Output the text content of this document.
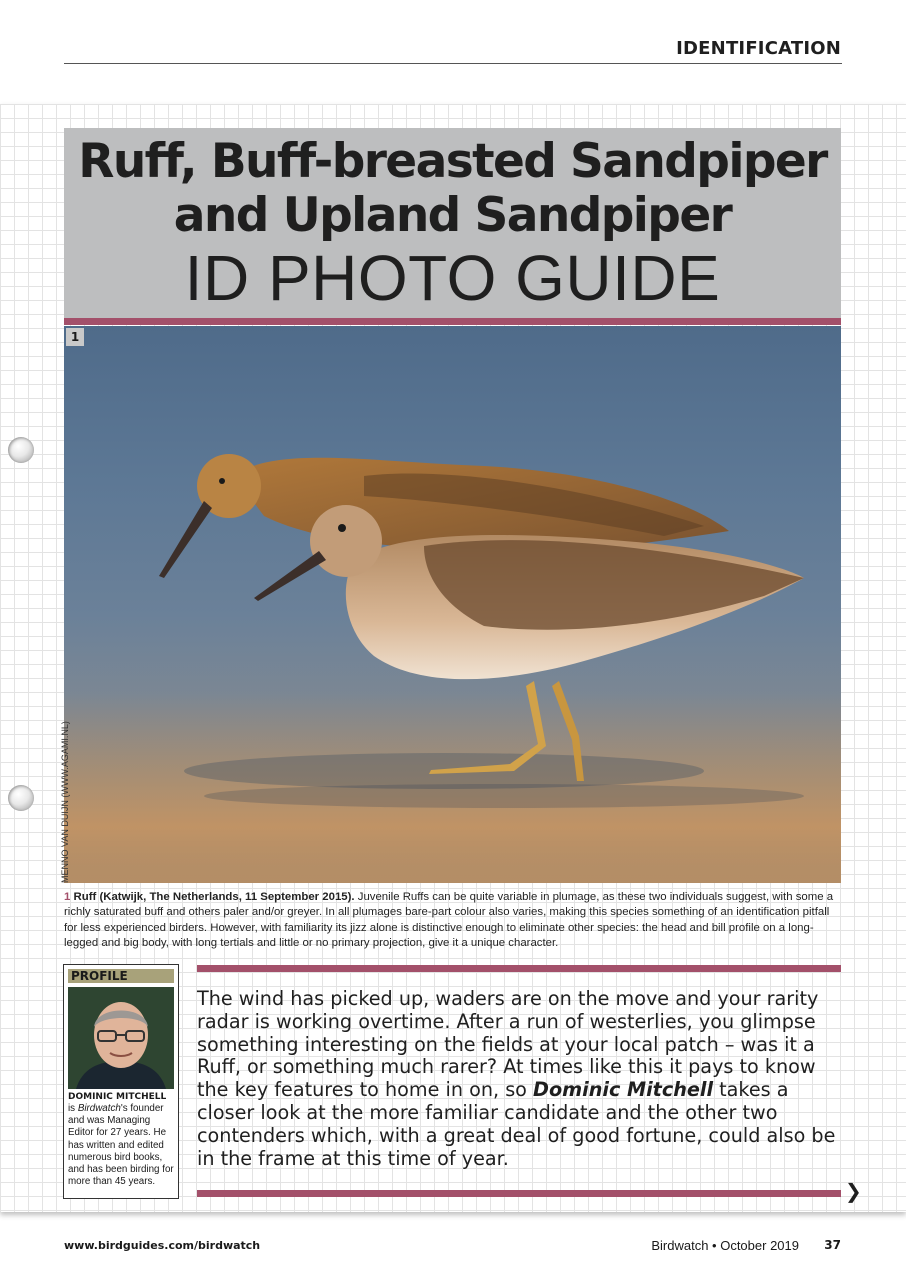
IDENTIFICATION
Ruff, Buff-breasted Sandpiper
and Upland Sandpiper
ID PHOTO GUIDE
1
MENNO VAN DUIJN (WWW.AGAMI.NL)
1 Ruff (Katwijk, The Netherlands, 11 September 2015). Juvenile Ruffs can be quite variable in plumage, as these two individuals suggest, with some a richly saturated buff and others paler and/or greyer. In all plumages bare-part colour also varies, making this species something of an identification pitfall for less experienced birders. However, with familiarity its jizz alone is distinctive enough to eliminate other species: the head and bill profile on a long-legged and big body, with long tertials and little or no primary projection, give it a unique character.
PROFILE
DOMINIC MITCHELL
is Birdwatch's founder and was Managing Editor for 27 years. He has written and edited numerous bird books, and has been birding for more than 45 years.
The wind has picked up, waders are on the move and your rarity radar is working overtime. After a run of westerlies, you glimpse something interesting on the fields at your local patch – was it a Ruff, or something much rarer? At times like this it pays to know the key features to home in on, so Dominic Mitchell takes a closer look at the more familiar candidate and the other two contenders which, with a great deal of good fortune, could also be in the frame at this time of year.
❯
www.birdguides.com/birdwatch	Birdwatch • October 2019 37
